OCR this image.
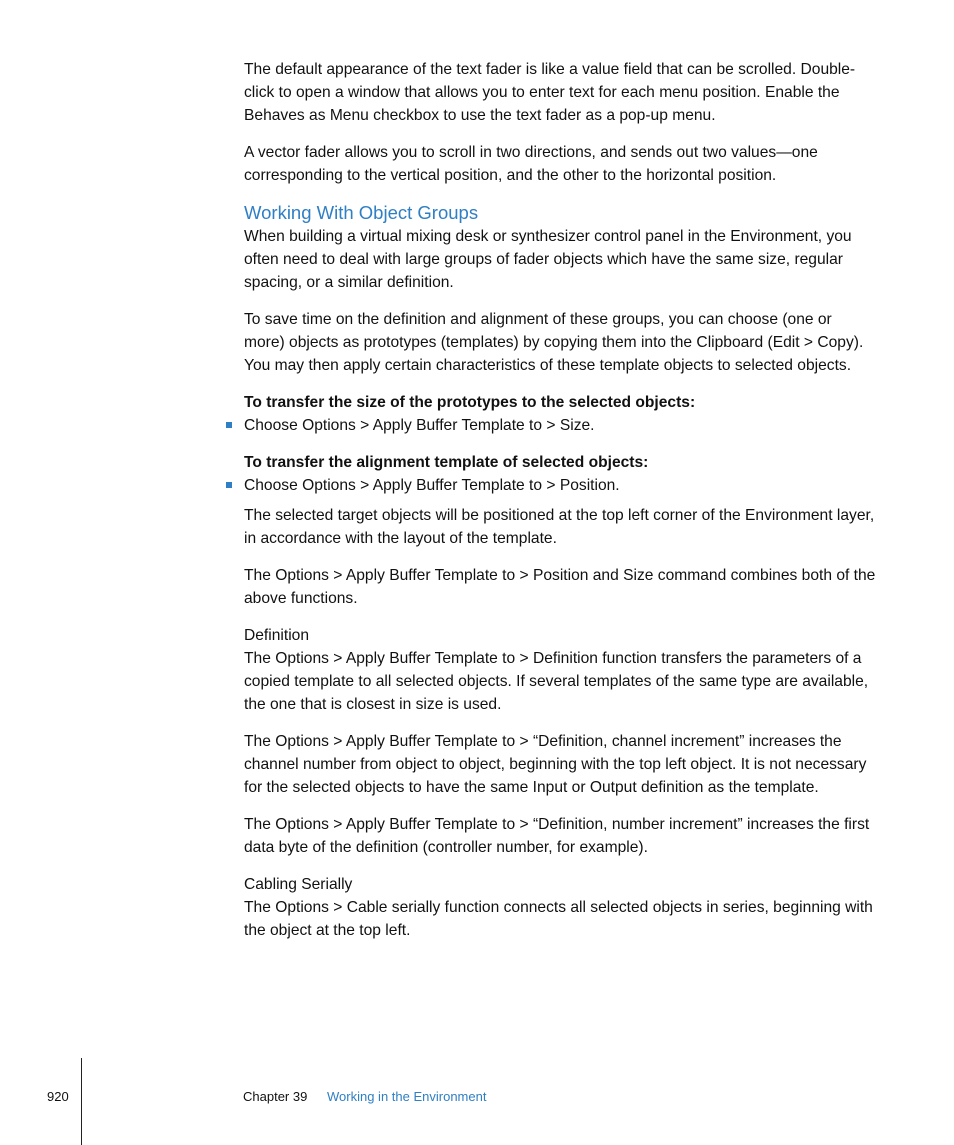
The default appearance of the text fader is like a value field that can be scrolled. Double-click to open a window that allows you to enter text for each menu position. Enable the Behaves as Menu checkbox to use the text fader as a pop-up menu.

A vector fader allows you to scroll in two directions, and sends out two values—one corresponding to the vertical position, and the other to the horizontal position.

Working With Object Groups

When building a virtual mixing desk or synthesizer control panel in the Environment, you often need to deal with large groups of fader objects which have the same size, regular spacing, or a similar definition.

To save time on the definition and alignment of these groups, you can choose (one or more) objects as prototypes (templates) by copying them into the Clipboard (Edit > Copy). You may then apply certain characteristics of these template objects to selected objects.

To transfer the size of the prototypes to the selected objects:

Choose Options > Apply Buffer Template to > Size.

To transfer the alignment template of selected objects:

Choose Options > Apply Buffer Template to > Position.

The selected target objects will be positioned at the top left corner of the Environment layer, in accordance with the layout of the template.

The Options > Apply Buffer Template to > Position and Size command combines both of the above functions.

Definition

The Options > Apply Buffer Template to > Definition function transfers the parameters of a copied template to all selected objects. If several templates of the same type are available, the one that is closest in size is used.

The Options > Apply Buffer Template to > “Definition, channel increment” increases the channel number from object to object, beginning with the top left object. It is not necessary for the selected objects to have the same Input or Output definition as the template.

The Options > Apply Buffer Template to > “Definition, number increment” increases the first data byte of the definition (controller number, for example).

Cabling Serially

The Options > Cable serially function connects all selected objects in series, beginning with the object at the top left.

920	Chapter 39 Working in the Environment
